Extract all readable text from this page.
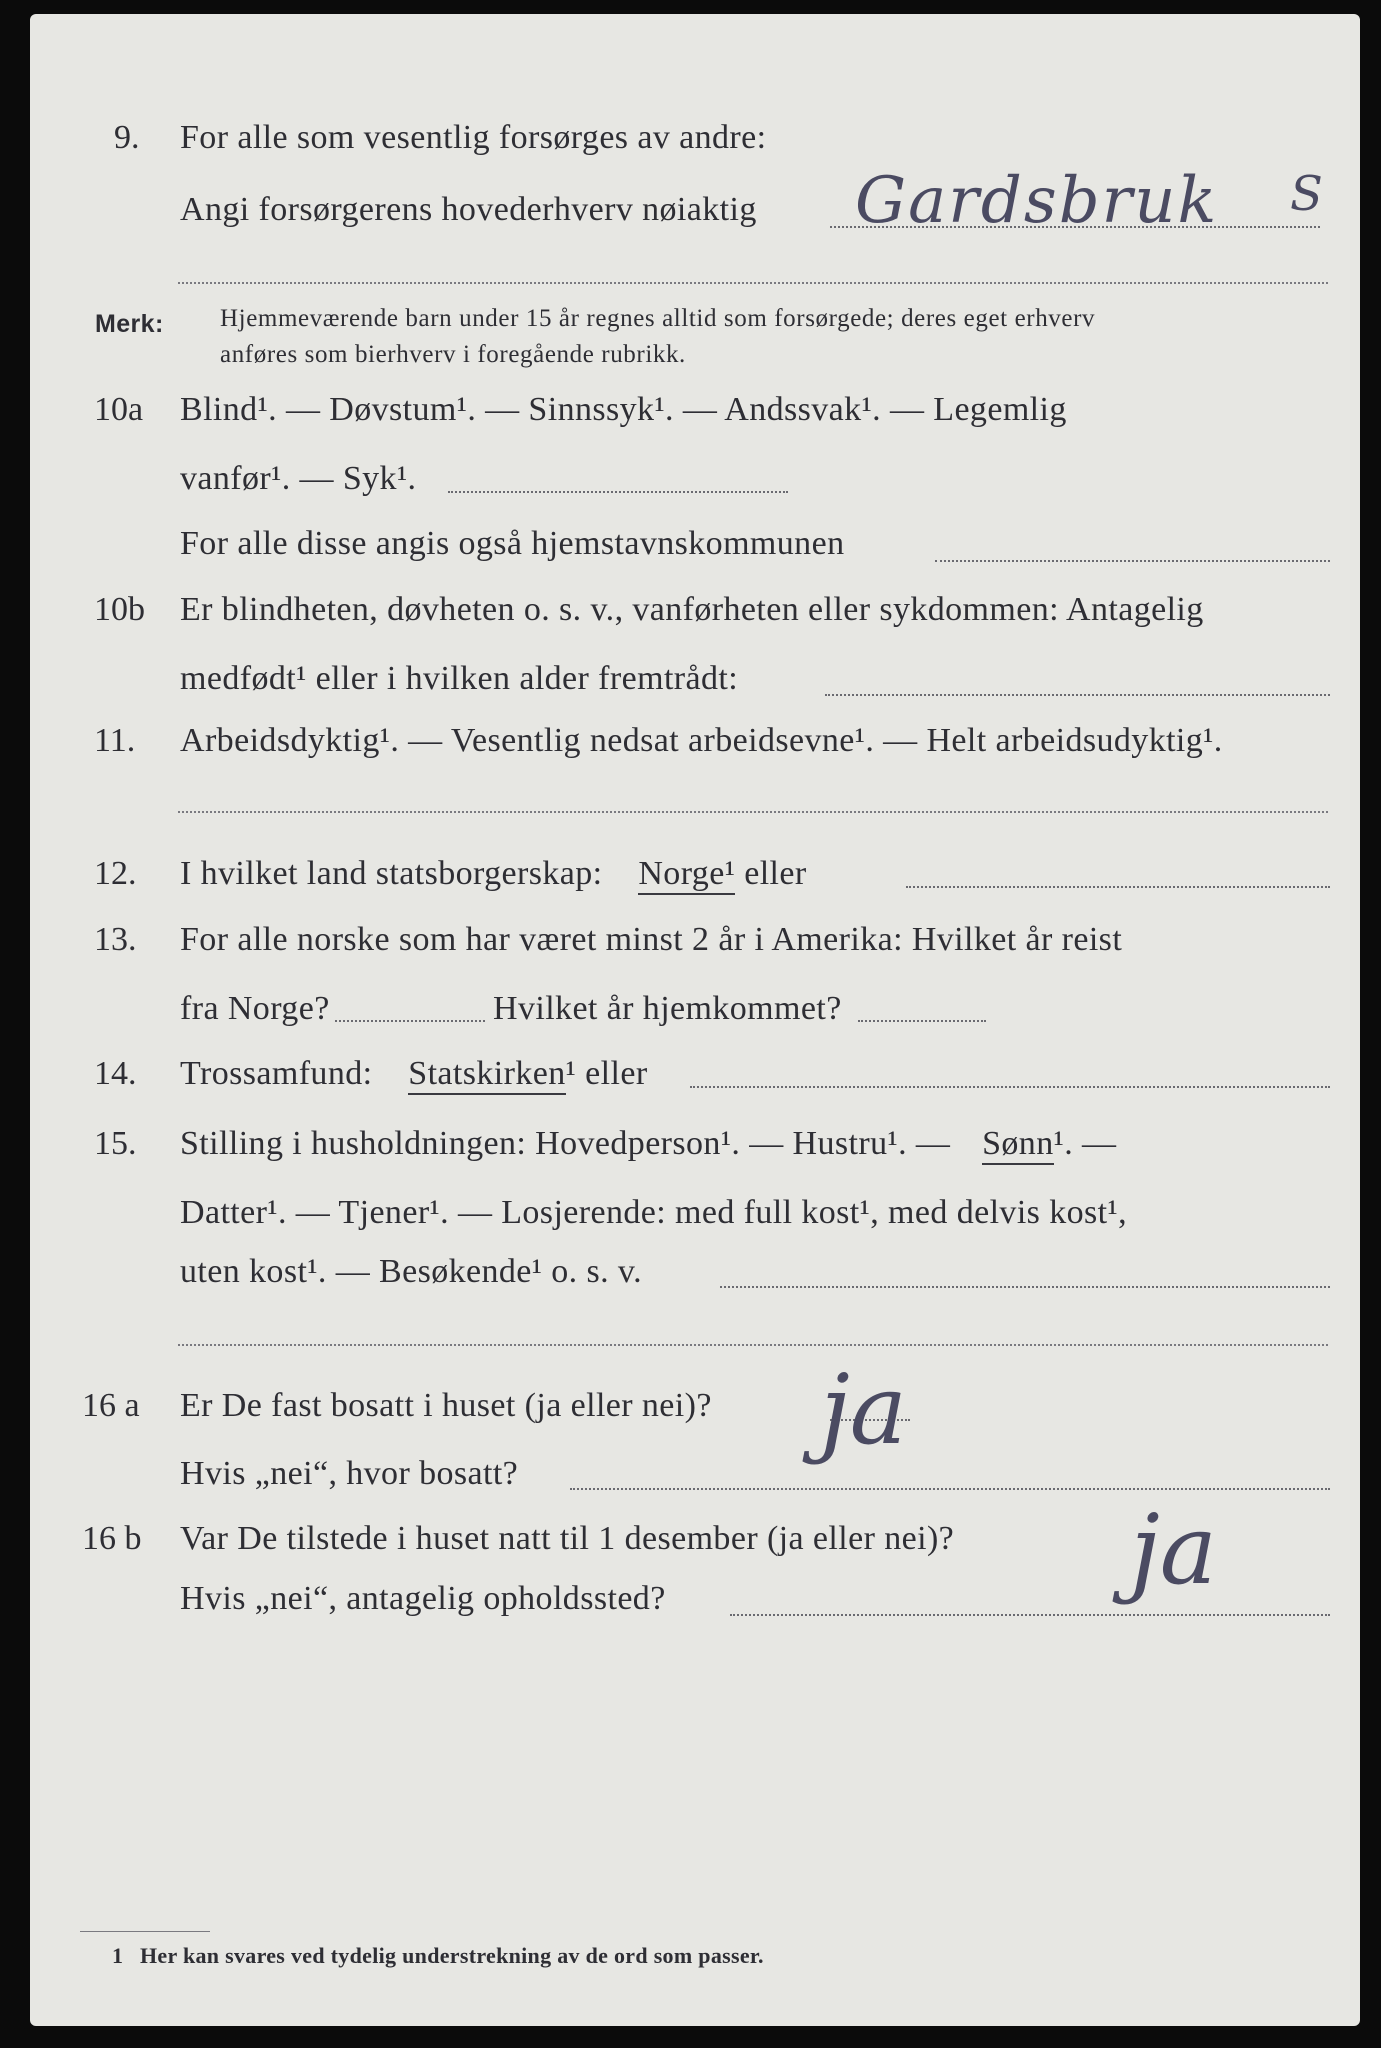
9. For alle som vesentlig forsørges av andre:
Angi forsørgerens hovederhverv nøiaktig Gardsbruk S
Merk: Hjemmeværende barn under 15 år regnes alltid som forsørgede; deres eget erhverv
anføres som bierhverv i foregående rubrikk.
10a Blind¹. — Døvstum¹. — Sinnssyk¹. — Andssvak¹. — Legemlig
vanfør¹. — Syk¹.
For alle disse angis også hjemstavnskommunen
10b Er blindheten, døvheten o. s. v., vanførheten eller sykdommen: Antagelig
medfødt¹ eller i hvilken alder fremtrådt:
11. Arbeidsdyktig¹. — Vesentlig nedsat arbeidsevne¹. — Helt arbeidsudyktig¹.
12. I hvilket land statsborgerskap: Norge¹ eller
13. For alle norske som har været minst 2 år i Amerika: Hvilket år reist
fra Norge?	Hvilket år hjemkommet?
14. Trossamfund: Statskirken¹ eller
15. Stilling i husholdningen: Hovedperson¹. — Hustru¹. — Sønn¹. —
Datter¹. — Tjener¹. — Losjerende: med full kost¹, med delvis kost¹,
uten kost¹. — Besøkende¹ o. s. v.
16 a Er De fast bosatt i huset (ja eller nei)?
Hvis „nei“, hvor bosatt?
ja
16 b Var De tilstede i huset natt til 1 desember (ja eller nei)?
Hvis „nei“, antagelig opholdssted?	ja
1 Her kan svares ved tydelig understrekning av de ord som passer.
